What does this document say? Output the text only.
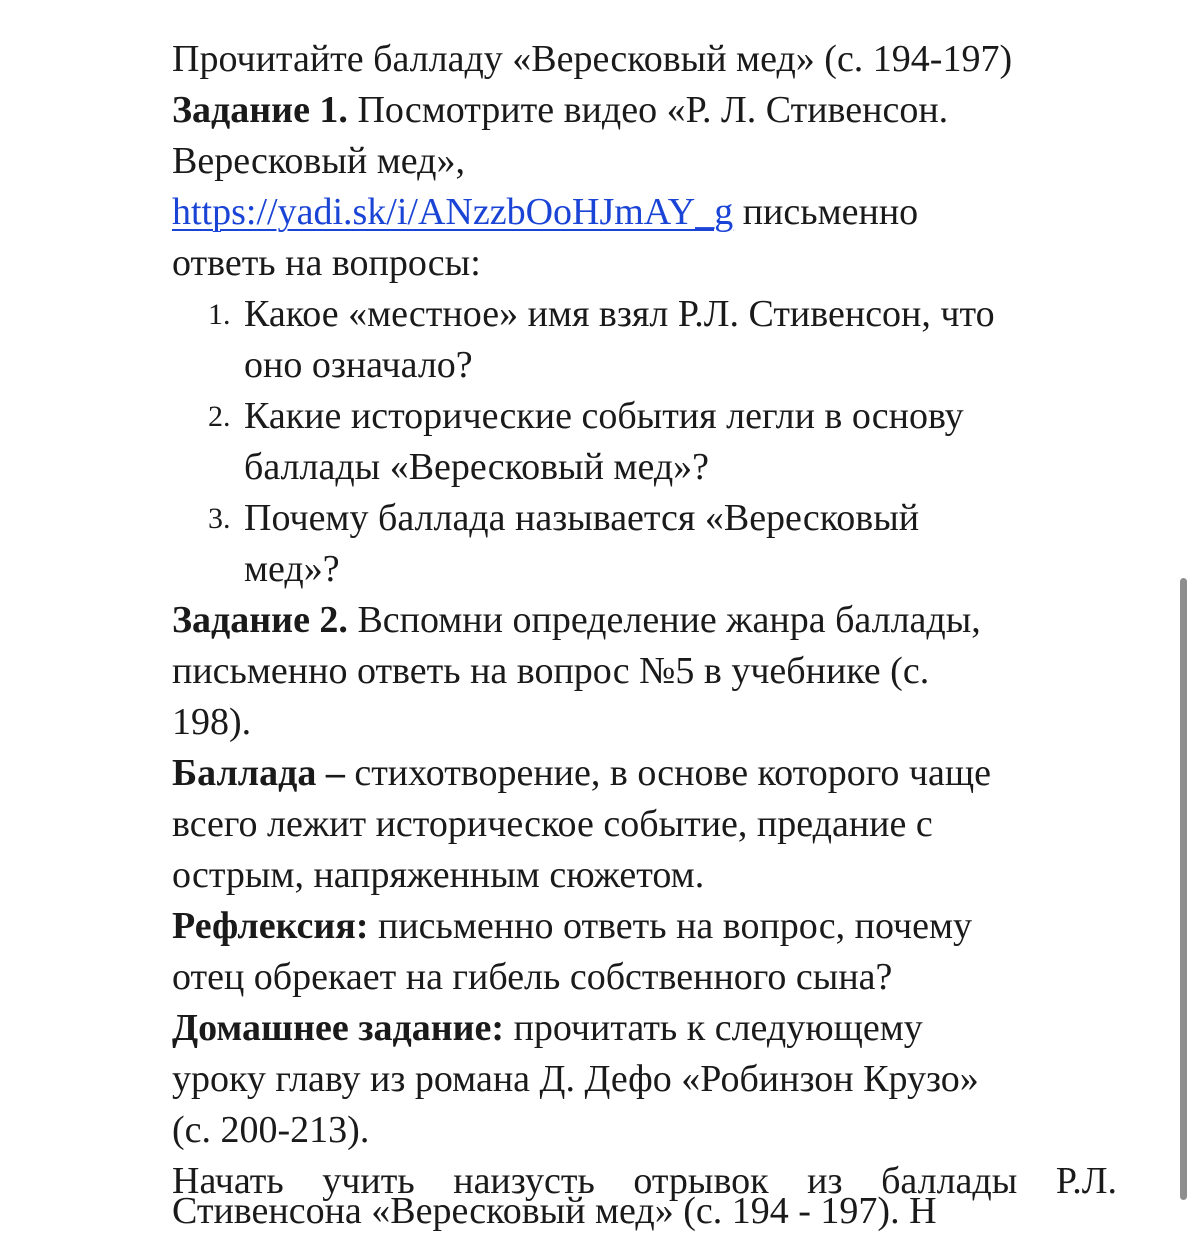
Прочитайте балладу «Вересковый мед» (с. 194-197)

Задание 1. Посмотрите видео «Р. Л. Стивенсон.

Вересковый мед»,

https://yadi.sk/i/ANzzbOoHJmAY_g письменно

ответь на вопросы:

1. Какое «местное» имя взял Р.Л. Стивенсон, что
оно означало?
2. Какие исторические события легли в основу
баллады «Вересковый мед»?
3. Почему баллада называется «Вересковый
мед»?

Задание 2. Вспомни определение жанра баллады,

письменно ответь на вопрос №5 в учебнике (с.

198).

Баллада – стихотворение, в основе которого чаще

всего лежит историческое событие, предание с

острым, напряженным сюжетом.

Рефлексия: письменно ответь на вопрос, почему

отец обрекает на гибель собственного сына?

Домашнее задание: прочитать к следующему

уроку главу из романа Д. Дефо «Робинзон Крузо»

(с. 200-213).

Начать учить наизусть отрывок из баллады Р.Л.

Стивенсона «Вересковый мед» (с. 194 - 197). Н
